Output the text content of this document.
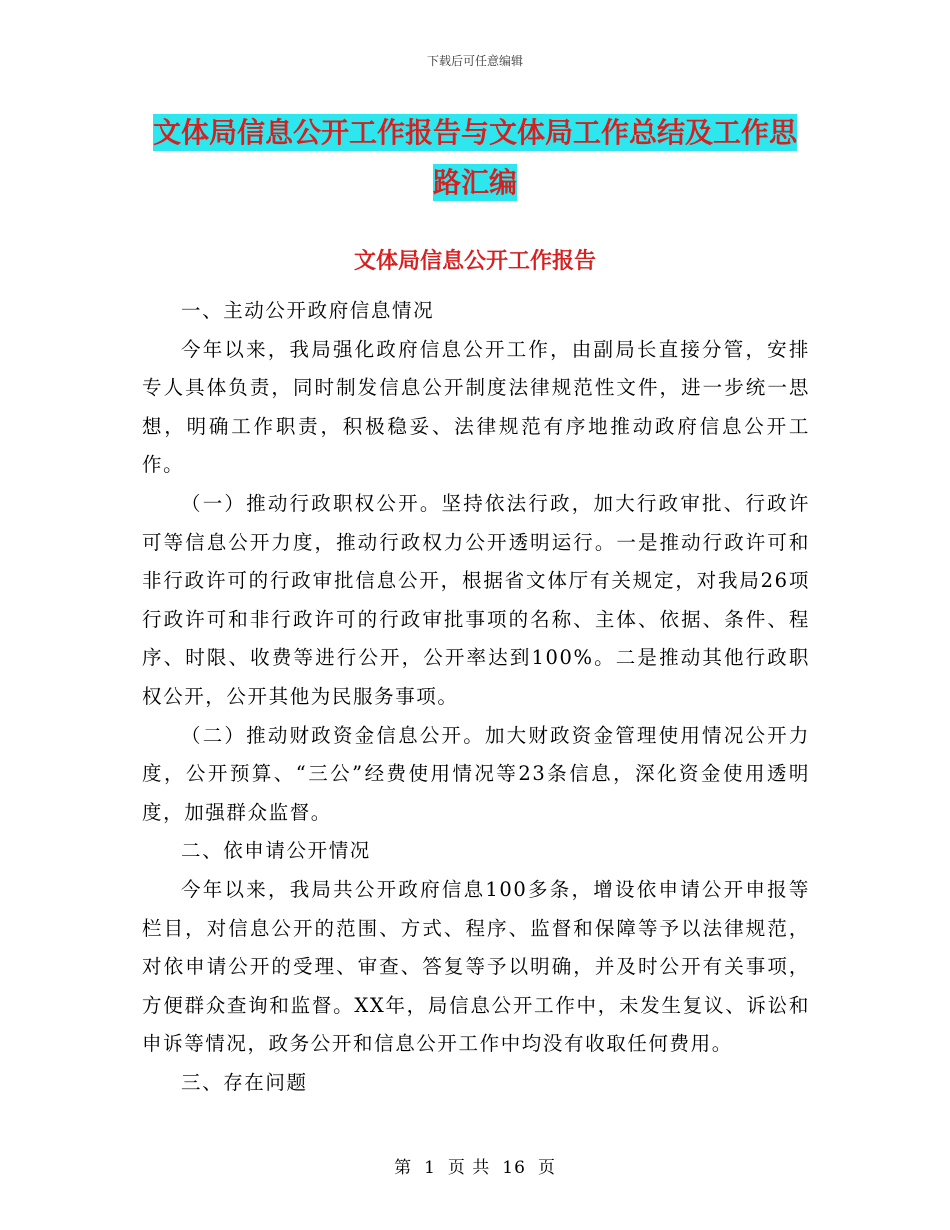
下载后可任意编辑
文体局信息公开工作报告与文体局工作总结及工作思
路汇编
文体局信息公开工作报告

一、主动公开政府信息情况

今年以来，我局强化政府信息公开工作，由副局长直接分管，安排专人具体负责，同时制发信息公开制度法律规范性文件，进一步统一思想，明确工作职责，积极稳妥、法律规范有序地推动政府信息公开工作。

（一）推动行政职权公开。坚持依法行政，加大行政审批、行政许可等信息公开力度，推动行政权力公开透明运行。一是推动行政许可和非行政许可的行政审批信息公开，根据省文体厅有关规定，对我局26项行政许可和非行政许可的行政审批事项的名称、主体、依据、条件、程序、时限、收费等进行公开，公开率达到100%。二是推动其他行政职权公开，公开其他为民服务事项。

（二）推动财政资金信息公开。加大财政资金管理使用情况公开力度，公开预算、“三公”经费使用情况等23条信息，深化资金使用透明度，加强群众监督。

二、依申请公开情况

今年以来，我局共公开政府信息100多条，增设依申请公开申报等栏目，对信息公开的范围、方式、程序、监督和保障等予以法律规范，对依申请公开的受理、审查、答复等予以明确，并及时公开有关事项，方便群众查询和监督。XX年，局信息公开工作中，未发生复议、诉讼和申诉等情况，政务公开和信息公开工作中均没有收取任何费用。

三、存在问题

第 1 页 共 16 页
